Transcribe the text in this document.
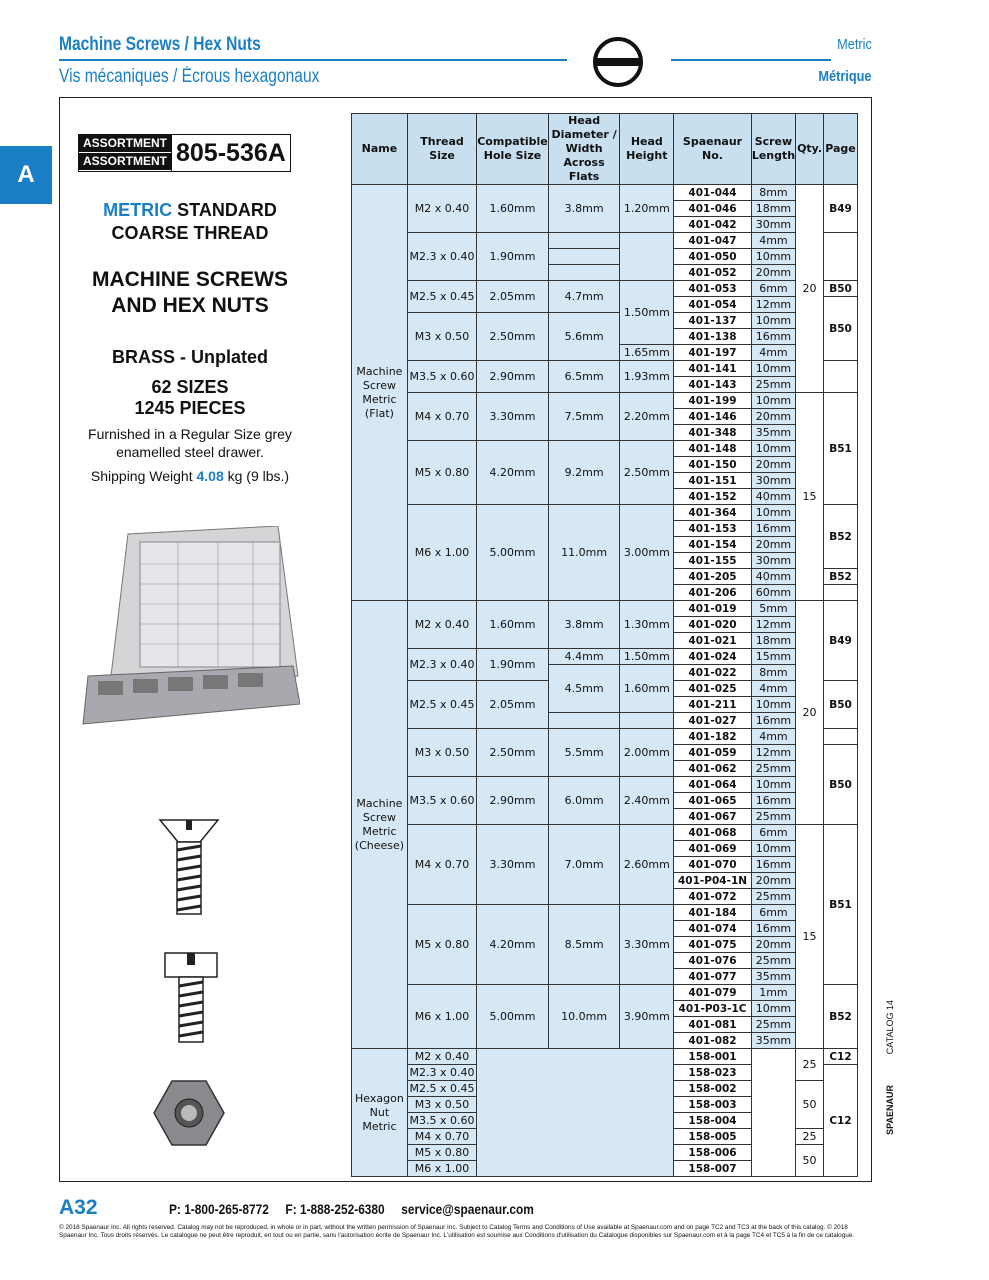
Machine Screws / Hex Nuts
Vis mécaniques / Écrous hexagonaux
Metric
Métrique
A
ASSORTMENT
ASSORTMENT 805-536A
METRIC STANDARD
COARSE THREAD
MACHINE SCREWS
AND HEX NUTS
BRASS - Unplated
62 SIZES
1245 PIECES
Furnished in a Regular Size grey
enamelled steel drawer.
Shipping Weight 4.08 kg (9 lbs.)
Name	Thread Size	Compatible Hole Size	Head Diameter / Width Across Flats	Head Height	Spaenaur No.	Screw Length	Qty.	Page
Machine
Screw
Metric
(Flat)	M2 x 0.40	1.60mm	3.8mm	1.20mm	401-044	8mm	20	B49
					401-046	18mm		
					401-042	30mm		
	M2.3 x 0.40	1.90mm			401-047	4mm		
					401-050	10mm		
					401-052	20mm		
	M2.5 x 0.45	2.05mm	4.7mm	1.50mm	401-053	6mm		B50
					401-054	12mm		B50
	M3 x 0.50	2.50mm	5.6mm		401-137	10mm		
					401-138	16mm		
				1.65mm	401-197	4mm		
	M3.5 x 0.60	2.90mm	6.5mm	1.93mm	401-141	10mm		
					401-143	25mm		
	M4 x 0.70	3.30mm	7.5mm	2.20mm	401-199	10mm	15	B51
					401-146	20mm		
					401-348	35mm		
	M5 x 0.80	4.20mm	9.2mm	2.50mm	401-148	10mm		
					401-150	20mm		
					401-151	30mm		
					401-152	40mm		
	M6 x 1.00	5.00mm	11.0mm	3.00mm	401-364	10mm		B52
					401-153	16mm		
					401-154	20mm		
					401-155	30mm		
					401-205	40mm		B52
					401-206	60mm		
Machine
Screw
Metric
(Cheese)	M2 x 0.40	1.60mm	3.8mm	1.30mm	401-019	5mm	20	B49
					401-020	12mm		
					401-021	18mm		
	M2.3 x 0.40	1.90mm	4.4mm	1.50mm	401-024	15mm		
			4.5mm	1.60mm	401-022	8mm		
	M2.5 x 0.45	2.05mm			401-025	4mm		B50
					401-211	10mm		
					401-027	16mm		
	M3 x 0.50	2.50mm	5.5mm	2.00mm	401-182	4mm		
					401-059	12mm		B50
					401-062	25mm		
	M3.5 x 0.60	2.90mm	6.0mm	2.40mm	401-064	10mm		
					401-065	16mm		
					401-067	25mm		
	M4 x 0.70	3.30mm	7.0mm	2.60mm	401-068	6mm	15	B51
					401-069	10mm		
					401-070	16mm		
					401-P04-1N	20mm		
					401-072	25mm		
	M5 x 0.80	4.20mm	8.5mm	3.30mm	401-184	6mm		
					401-074	16mm		
					401-075	20mm		
					401-076	25mm		
					401-077	35mm		
	M6 x 1.00	5.00mm	10.0mm	3.90mm	401-079	1mm		B52
					401-P03-1C	10mm		
					401-081	25mm		
					401-082	35mm		
Hexagon
Nut
Metric	M2 x 0.40				158-001		25	C12
	M2.3 x 0.40				158-023			C12
	M2.5 x 0.45				158-002		50	
	M3 x 0.50				158-003			
	M3.5 x 0.60				158-004			
	M4 x 0.70				158-005		25	
	M5 x 0.80				158-006		50	
	M6 x 1.00				158-007			
CATALOG 14
SPAENAUR
A32	P: 1-800-265-8772 F: 1-888-252-6380 service@spaenaur.com
© 2018 Spaenaur Inc. All rights reserved. Catalog may not be reproduced, in whole or in part, without the written permission of Spaenaur Inc. Subject to Catalog Terms and Conditions of Use available at Spaenaur.com and on page TC2 and TC3 at the back of this catalog. © 2018 Spaenaur Inc. Tous droits réservés. Le catalogue ne peut être reproduit, en tout ou en partie, sans l'autorisation écrite de Spaenaur Inc. L'utilisation est soumise aux Conditions d'utilisation du Catalogue disponibles sur Spaenaur.com et à la page TC4 et TC5 à la fin de ce catalogue.
